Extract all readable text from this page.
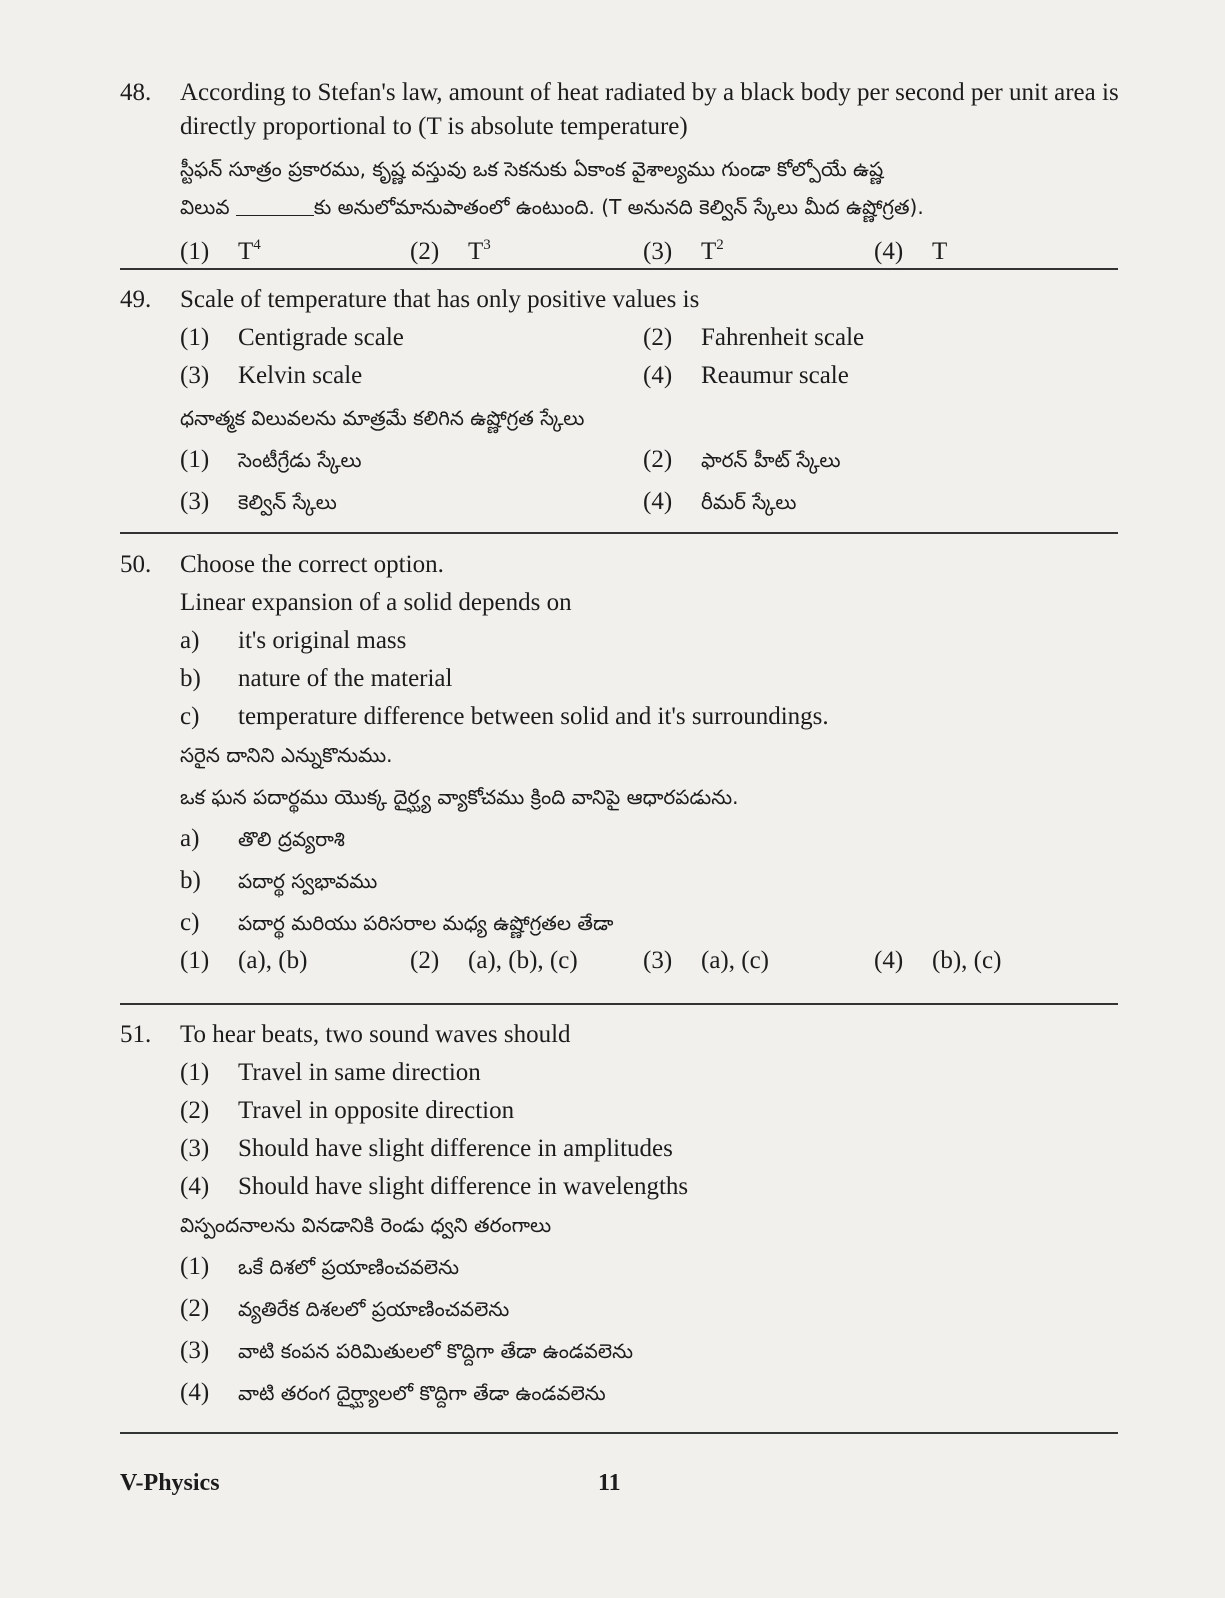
48.	According to Stefan's law, amount of heat radiated by a black body per second per unit area is directly proportional to (T is absolute temperature)
స్టీఫన్ సూత్రం ప్రకారము, కృష్ణ వస్తువు ఒక సెకనుకు ఏకాంక వైశాల్యము గుండా కోల్పోయే ఉష్ణ
విలువ	కు అనులోమానుపాతంలో ఉంటుంది. (T అనునది కెల్విన్ స్కేలు మీద ఉష్ణోగ్రత).
(1) $T^4$	(2) $T^3$	(3) $T^2$	(4) T
49.	Scale of temperature that has only positive values is
(1) Centigrade scale	(2) Fahrenheit scale
(3) Kelvin scale	(4) Reaumur scale
ధనాత్మక విలువలను మాత్రమే కలిగిన ఉష్ణోగ్రత స్కేలు
(1) సెంటీగ్రేడు స్కేలు	(2) ఫారన్ హీట్ స్కేలు
(3) కెల్విన్ స్కేలు	(4) రీమర్ స్కేలు
50.	Choose the correct option.
Linear expansion of a solid depends on
a) it's original mass
b) nature of the material
c) temperature difference between solid and it's surroundings.
సరైన దానిని ఎన్నుకొనుము.
ఒక ఘన పదార్థము యొక్క దైర్ఘ్య వ్యాకోచము క్రింది వానిపై ఆధారపడును.
a) తొలి ద్రవ్యరాశి
b) పదార్థ స్వభావము
c) పదార్థ మరియు పరిసరాల మధ్య ఉష్ణోగ్రతల తేడా
(1) (a), (b)	(2) (a), (b), (c)	(3) (a), (c)	(4) (b), (c)
51.	To hear beats, two sound waves should
(1) Travel in same direction
(2) Travel in opposite direction
(3) Should have slight difference in amplitudes
(4) Should have slight difference in wavelengths
విస్పందనాలను వినడానికి రెండు ధ్వని తరంగాలు
(1) ఒకే దిశలో ప్రయాణించవలెను
(2) వ్యతిరేక దిశలలో ప్రయాణించవలెను
(3) వాటి కంపన పరిమితులలో కొద్దిగా తేడా ఉండవలెను
(4) వాటి తరంగ దైర్ఘ్యాలలో కొద్దిగా తేడా ఉండవలెను
V-Physics	11
